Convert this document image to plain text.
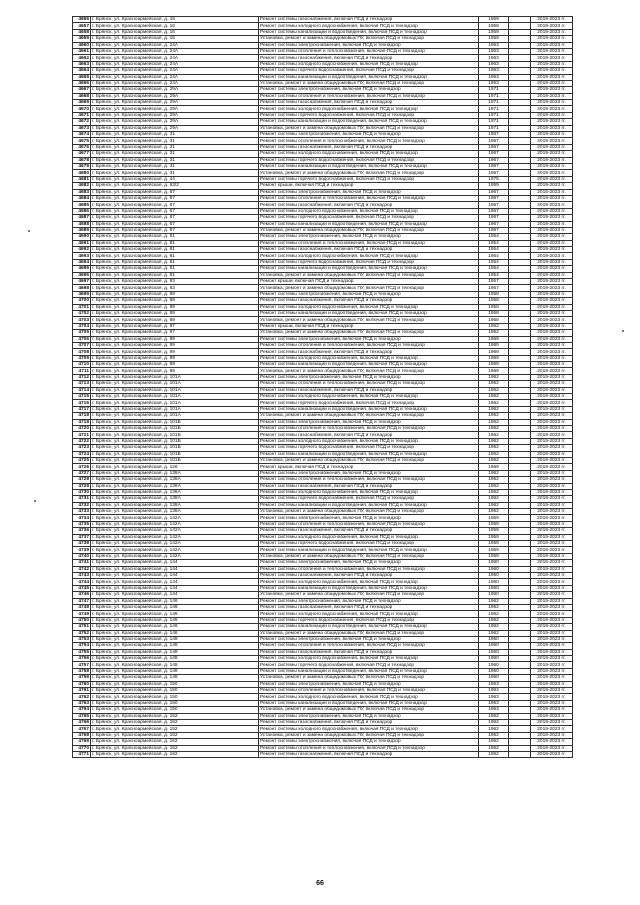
4656	г. Брянск, ул. Красноармейская, д. 16	Ремонт системы газоснабжения, включая ПСД и технадзор	1959		2019-2023 гг.
4657	г. Брянск, ул. Красноармейская, д. 16	Ремонт системы холодного водоснабжения, включая ПСД и технадзор	1959		2019-2023 гг.
4658	г. Брянск, ул. Красноармейская, д. 16	Ремонт системы канализации и водоотведения, включая ПСД и технадзор	1959		2019-2023 гг.
4659	г. Брянск, ул. Красноармейская, д. 16	Установка, ремонт и замена общедомовых ПУ, включая ПСД и технадзор	1959		2019-2023 гг.
4660	г. Брянск, ул. Красноармейская, д. 24А	Ремонт системы электроснабжения, включая ПСД и технадзор	1963		2015-2023 гг.
4661	г. Брянск, ул. Красноармейская, д. 24А	Ремонт системы отопления и теплоснабжения, включая ПСД и технадзор	1963		2019-2023 гг.
4662	г. Брянск, ул. Красноармейская, д. 24А	Ремонт системы газоснабжения, включая ПСД и технадзор	1963		2019-2023 гг.
4663	г. Брянск, ул. Красноармейская, д. 24А	Ремонт системы холодного водоснабжения, включая ПСД и технадзор	1963		2019-2023 гг.
4664	г. Брянск, ул. Красноармейская, д. 24А	Ремонт системы горячего водоснабжения, включая ПСД и технадзор	1963		2019-2023 гг.
4665	г. Брянск, ул. Красноармейская, д. 24А	Ремонт системы канализации и водоотведения, включая ПСД и технадзор	1963		2019-2023 гг.
4666	г. Брянск, ул. Красноармейская, д. 24А	Установка, ремонт и замена общедомовых ПУ, включая ПСД и технадзор	1963		2019-2023 гг.
4667	г. Брянск, ул. Красноармейская, д. 29А	Ремонт системы электроснабжения, включая ПСД и технадзор	1971		2019-2023 гг.
4668	г. Брянск, ул. Красноармейская, д. 29А	Ремонт системы отопления и теплоснабжения, включая ПСД и технадзор	1971		2019-2023 гг.
4669	г. Брянск, ул. Красноармейская, д. 29А	Ремонт системы газоснабжения, включая ПСД и технадзор	1971		2019-2023 гг.
4670	г. Брянск, ул. Красноармейская, д. 29А	Ремонт системы холодного водоснабжения, включая ПСД и технадзор	1971		2019-2023 гг.
4671	г. Брянск, ул. Красноармейская, д. 29А	Ремонт системы горячего водоснабжения, включая ПСД и технадзор	1971		2019-2023 гг.
4672	г. Брянск, ул. Красноармейская, д. 29А	Ремонт системы канализации и водоотведения, включая ПСД и технадзор	1971		2019-2023 гг.
4673	г. Брянск, ул. Красноармейская, д. 29А	Установка, ремонт и замена общедомовых ПУ, включая ПСД и технадзор	1971		2019-2023 гг.
4674	г. Брянск, ул. Красноармейская, д. 31	Ремонт системы электроснабжения, включая ПСД и технадзор	1967		2019-2023 гг.
4675	г. Брянск, ул. Красноармейская, д. 31	Ремонт системы отопления и теплоснабжения, включая ПСД и технадзор	1967		2019-2023 гг.
4676	г. Брянск, ул. Красноармейская, д. 31	Ремонт системы газоснабжения, включая ПСД и технадзор	1967		2019-2023 гг.
4677	г. Брянск, ул. Красноармейская, д. 31	Ремонт системы холодного водоснабжения, включая ПСД и технадзор	1967		2019-2023 гг.
4678	г. Брянск, ул. Красноармейская, д. 31	Ремонт системы горячего водоснабжения, включая ПСД и технадзор	1967		2019-2023 гг.
4679	г. Брянск, ул. Красноармейская, д. 31	Ремонт системы канализации и водоотведения, включая ПСД и технадзор	1967		2019-2023 гг.
4680	г. Брянск, ул. Красноармейская, д. 31	Установка, ремонт и замена общедомовых ПУ, включая ПСД и технадзор	1967		2019-2023 гг.
4681	г. Брянск, ул. Красноармейская, д. 44	Ремонт системы горячего водоснабжения, включая ПСД и технадзор	1975		2019-2023 гг.
4682	г. Брянск, ул. Красноармейская, д. 63/2	Ремонт крыши, включая ПСД и технадзор	1959		2019-2023 гг.
4683	г. Брянск, ул. Красноармейская, д. 67	Ремонт системы электроснабжения, включая ПСД и технадзор	1967		2015-2023 гг.
4684	г. Брянск, ул. Красноармейская, д. 67	Ремонт системы отопления и теплоснабжения, включая ПСД и технадзор	1967		2019-2023 гг.
4685	г. Брянск, ул. Красноармейская, д. 67	Ремонт системы газоснабжения, включая ПСД и технадзор	1967		2019-2023 гг.
4686	г. Брянск, ул. Красноармейская, д. 67	Ремонт системы холодного водоснабжения, включая ПСД и технадзор	1967		2019-2023 гг.
4687	г. Брянск, ул. Красноармейская, д. 67	Ремонт системы горячего водоснабжения, включая ПСД и технадзор	1967		2019-2023 гг.
4688	г. Брянск, ул. Красноармейская, д. 67	Ремонт системы канализации и водоотведения, включая ПСД и технадзор	1967		2019-2023 гг.
4689	г. Брянск, ул. Красноармейская, д. 67	Установка, ремонт и замена общедомовых ПУ, включая ПСД и технадзор	1967		2019-2023 гг.
4690	г. Брянск, ул. Красноармейская, д. 81	Ремонт системы электроснабжения, включая ПСД и технадзор	1954		2019-2023 гг.
4691	г. Брянск, ул. Красноармейская, д. 81	Ремонт системы отопления и теплоснабжения, включая ПСД и технадзор	1954		2019-2023 гг.
4692	г. Брянск, ул. Красноармейская, д. 81	Ремонт системы газоснабжения, включая ПСД и технадзор	1954		2019-2023 гг.
4693	г. Брянск, ул. Красноармейская, д. 81	Ремонт системы холодного водоснабжения, включая ПСД и технадзор	1954		2019-2023 гг.
4694	г. Брянск, ул. Красноармейская, д. 81	Ремонт системы горячего водоснабжения, включая ПСД и технадзор	1954		2019-2023 гг.
4695	г. Брянск, ул. Красноармейская, д. 81	Ремонт системы канализации и водоотведения, включая ПСД и технадзор	1954		2019-2023 гг.
4696	г. Брянск, ул. Красноармейская, д. 81	Установка, ремонт и замена общедомовых ПУ, включая ПСД и технадзор	1954		2019-2023 гг.
4697	г. Брянск, ул. Красноармейская, д. 83	Ремонт крыши, включая ПСД и технадзор	1957		2019-2023 гг.
4698	г. Брянск, ул. Красноармейская, д. 83	Установка, ремонт и замена общедомовых ПУ, включая ПСД и технадзор	1957		2019-2023 гг.
4699	г. Брянск, ул. Красноармейская, д. 89	Ремонт системы электроснабжения, включая ПСД и технадзор	1958		2019-2023 гг.
4700	г. Брянск, ул. Красноармейская, д. 89	Ремонт системы газоснабжения, включая ПСД и технадзор	1958		2019-2023 гг.
4701	г. Брянск, ул. Красноармейская, д. 89	Ремонт системы холодного водоснабжения, включая ПСД и технадзор	1958		2019-2023 гг.
4702	г. Брянск, ул. Красноармейская, д. 89	Ремонт системы канализации и водоотведения, включая ПСД и технадзор	1958		2019-2023 гг.
4703	г. Брянск, ул. Красноармейская, д. 89	Установка, ремонт и замена общедомовых ПУ, включая ПСД и технадзор	1958		2019-2023 гг.
4704	г. Брянск, ул. Красноармейская, д. 97	Ремонт крыши, включая ПСД и технадзор	1962		2019-2023 гг.
4705	г. Брянск, ул. Красноармейская, д. 97	Установка, ремонт и замена общедомовых ПУ, включая ПСД и технадзор	1962		2019-2023 гг.
4706	г. Брянск, ул. Красноармейская, д. 99	Ремонт системы электроснабжения, включая ПСД и технадзор	1969		2019-2023 гг.
4707	г. Брянск, ул. Красноармейская, д. 99	Ремонт системы отопления и теплоснабжения, включая ПСД и технадзор	1969		2019-2023 гг.
4708	г. Брянск, ул. Красноармейская, д. 99	Ремонт системы газоснабжения, включая ПСД и технадзор	1969		2019-2023 гг.
4709	г. Брянск, ул. Красноармейская, д. 99	Ремонт системы холодного водоснабжения, включая ПСД и технадзор	1969		2019-2023 гг.
4710	г. Брянск, ул. Красноармейская, д. 99	Ремонт системы канализации и водоотведения, включая ПСД и технадзор	1969		2019-2023 гг.
4711	г. Брянск, ул. Красноармейская, д. 99	Установка, ремонт и замена общедомовых ПУ, включая ПСД и технадзор	1969		2019-2023 гг.
4712	г. Брянск, ул. Красноармейская, д. 101А	Ремонт системы электроснабжения, включая ПСД и технадзор	1962		2019-2023 гг.
4713	г. Брянск, ул. Красноармейская, д. 101А	Ремонт системы отопления и теплоснабжения, включая ПСД и технадзор	1962		2019-2023 гг.
4714	г. Брянск, ул. Красноармейская, д. 101А	Ремонт системы газоснабжения, включая ПСД и технадзор	1962		2019-2023 гг.
4715	г. Брянск, ул. Красноармейская, д. 101А	Ремонт системы холодного водоснабжения, включая ПСД и технадзор	1962		2019-2023 гг.
4716	г. Брянск, ул. Красноармейская, д. 101А	Ремонт системы горячего водоснабжения, включая ПСД и технадзор	1962		2019-2023 гг.
4717	г. Брянск, ул. Красноармейская, д. 101А	Ремонт системы канализации и водоотведения, включая ПСД и технадзор	1962		2019-2023 гг.
4718	г. Брянск, ул. Красноармейская, д. 101А	Установка, ремонт и замена общедомовых ПУ, включая ПСД и технадзор	1962		2019-2023 гг.
4719	г. Брянск, ул. Красноармейская, д. 101Б	Ремонт системы электроснабжения, включая ПСД и технадзор	1962		2019-2023 гг.
4720	г. Брянск, ул. Красноармейская, д. 101Б	Ремонт системы отопления и теплоснабжения, включая ПСД и технадзор	1962		2019-2023 гг.
4721	г. Брянск, ул. Красноармейская, д. 101Б	Ремонт системы газоснабжения, включая ПСД и технадзор	1962		2019-2023 гг.
4722	г. Брянск, ул. Красноармейская, д. 101Б	Ремонт системы холодного водоснабжения, включая ПСД и технадзор	1962		2019-2023 гг.
4723	г. Брянск, ул. Красноармейская, д. 101Б	Ремонт системы горячего водоснабжения, включая ПСД и технадзор	1962		2019-2023 гг.
4724	г. Брянск, ул. Красноармейская, д. 101Б	Ремонт системы канализации и водоотведения, включая ПСД и технадзор	1962		2019-2023 гг.
4725	г. Брянск, ул. Красноармейская, д. 101Б	Установка, ремонт и замена общедомовых ПУ, включая ПСД и технадзор	1962		2019-2023 гг.
4726	г. Брянск, ул. Красноармейская, д. 126	Ремонт крыши, включая ПСД и технадзор	1969		2019-2023 гг.
4727	г. Брянск, ул. Красноармейская, д. 138А	Ремонт системы электроснабжения, включая ПСД и технадзор	1962		2019-2023 гг.
4728	г. Брянск, ул. Красноармейская, д. 138А	Ремонт системы отопления и теплоснабжения, включая ПСД и технадзор	1962		2019-2023 гг.
4729	г. Брянск, ул. Красноармейская, д. 138А	Ремонт системы газоснабжения, включая ПСД и технадзор	1962		2019-2023 гг.
4730	г. Брянск, ул. Красноармейская, д. 138А	Ремонт системы холодного водоснабжения, включая ПСД и технадзор	1962		2019-2023 гг.
4731	г. Брянск, ул. Красноармейская, д. 138А	Ремонт системы горячего водоснабжения, включая ПСД и технадзор	1962		2019-2023 гг.
4732	г. Брянск, ул. Красноармейская, д. 138А	Ремонт системы канализации и водоотведения, включая ПСД и технадзор	1962		2019-2023 гг.
4733	г. Брянск, ул. Красноармейская, д. 138А	Установка, ремонт и замена общедомовых ПУ, включая ПСД и технадзор	1962		2019-2023 гг.
4734	г. Брянск, ул. Красноармейская, д. 142А	Ремонт системы электроснабжения, включая ПСД и технадзор	1959		2019-2023 гг.
4735	г. Брянск, ул. Красноармейская, д. 142А	Ремонт системы отопления и теплоснабжения, включая ПСД и технадзор	1959		2019-2023 гг.
4736	г. Брянск, ул. Красноармейская, д. 142А	Ремонт системы газоснабжения, включая ПСД и технадзор	1959		2019-2023 гг.
4737	г. Брянск, ул. Красноармейская, д. 142А	Ремонт системы холодного водоснабжения, включая ПСД и технадзор	1959		2019-2023 гг.
4738	г. Брянск, ул. Красноармейская, д. 142А	Ремонт системы горячего водоснабжения, включая ПСД и технадзор	1959		2019-2023 гг.
4739	г. Брянск, ул. Красноармейская, д. 142А	Ремонт системы канализации и водоотведения, включая ПСД и технадзор	1959		2019-2023 гг.
4740	г. Брянск, ул. Красноармейская, д. 142А	Установка, ремонт и замена общедомовых ПУ, включая ПСД и технадзор	1959		2019-2023 гг.
4741	г. Брянск, ул. Красноармейская, д. 144	Ремонт системы электроснабжения, включая ПСД и технадзор	1960		2015-2023 гг.
4742	г. Брянск, ул. Красноармейская, д. 144	Ремонт системы отопления и теплоснабжения, включая ПСД и технадзор	1960		2019-2023 гг.
4743	г. Брянск, ул. Красноармейская, д. 144	Ремонт системы газоснабжения, включая ПСД и технадзор	1960		2019-2023 гг.
4744	г. Брянск, ул. Красноармейская, д. 144	Ремонт системы холодного водоснабжения, включая ПСД и технадзор	1960		2019-2023 гг.
4745	г. Брянск, ул. Красноармейская, д. 144	Ремонт системы канализации и водоотведения, включая ПСД и технадзор	1960		2015-2023 гг.
4746	г. Брянск, ул. Красноармейская, д. 144	Установка, ремонт и замена общедомовых ПУ, включая ПСД и технадзор	1960		2019-2023 гг.
4747	г. Брянск, ул. Красноармейская, д. 146	Ремонт системы электроснабжения, включая ПСД и технадзор	1962		2019-2023 гг.
4748	г. Брянск, ул. Красноармейская, д. 146	Ремонт системы газоснабжения, включая ПСД и технадзор	1962		2019-2023 гг.
4749	г. Брянск, ул. Красноармейская, д. 146	Ремонт системы холодного водоснабжения, включая ПСД и технадзор	1962		2019-2023 гг.
4750	г. Брянск, ул. Красноармейская, д. 146	Ремонт системы горячего водоснабжения, включая ПСД и технадзор	1962		2019-2023 гг.
4751	г. Брянск, ул. Красноармейская, д. 146	Ремонт системы канализации и водоотведения, включая ПСД и технадзор	1962		2019-2023 гг.
4752	г. Брянск, ул. Красноармейская, д. 146	Установка, ремонт и замена общедомовых ПУ, включая ПСД и технадзор	1962		2019-2023 гг.
4753	г. Брянск, ул. Красноармейская, д. 148	Ремонт системы электроснабжения, включая ПСД и технадзор	1960		2019-2023 гг.
4754	г. Брянск, ул. Красноармейская, д. 148	Ремонт системы отопления и теплоснабжения, включая ПСД и технадзор	1960		2019-2023 гг.
4755	г. Брянск, ул. Красноармейская, д. 148	Ремонт системы газоснабжения, включая ПСД и технадзор	1960		2019-2023 гг.
4756	г. Брянск, ул. Красноармейская, д. 148	Ремонт системы холодного водоснабжения, включая ПСД и технадзор	1960		2019-2023 гг.
4757	г. Брянск, ул. Красноармейская, д. 148	Ремонт системы горячего водоснабжения, включая ПСД и технадзор	1960		2019-2023 гг.
4758	г. Брянск, ул. Красноармейская, д. 148	Ремонт системы канализации и водоотведения, включая ПСД и технадзор	1960		2019-2023 гг.
4759	г. Брянск, ул. Красноармейская, д. 148	Установка, ремонт и замена общедомовых ПУ, включая ПСД и технадзор	1960		2019-2023 гг.
4760	г. Брянск, ул. Красноармейская, д. 150	Ремонт системы электроснабжения, включая ПСД и технадзор	1963		2019-2023 гг.
4761	г. Брянск, ул. Красноармейская, д. 150	Ремонт системы отопления и теплоснабжения, включая ПСД и технадзор	1963		2019-2023 гг.
4762	г. Брянск, ул. Красноармейская, д. 150	Ремонт системы холодного водоснабжения, включая ПСД и технадзор	1963		2019-2023 гг.
4763	г. Брянск, ул. Красноармейская, д. 150	Ремонт системы канализации и водоотведения, включая ПСД и технадзор	1963		2019-2023 гг.
4764	г. Брянск, ул. Красноармейская, д. 150	Установка, ремонт и замена общедомовых ПУ, включая ПСД и технадзор	1963		2019-2023 гг.
4765	г. Брянск, ул. Красноармейская, д. 152	Ремонт системы электроснабжения, включая ПСД и технадзор	1962		2019-2023 гг.
4766	г. Брянск, ул. Красноармейская, д. 152	Ремонт системы газоснабжения, включая ПСД и технадзор	1962		2019-2023 гг.
4767	г. Брянск, ул. Красноармейская, д. 152	Ремонт системы холодного водоснабжения, включая ПСД и технадзор	1962		2019-2023 гг.
4768	г. Брянск, ул. Красноармейская, д. 152	Установка, ремонт и замена общедомовых ПУ, включая ПСД и технадзор	1962		2019-2023 гг.
4769	г. Брянск, ул. Красноармейская, д. 162	Ремонт системы электроснабжения, включая ПСД и технадзор	1962		2019-2023 гг.
4770	г. Брянск, ул. Красноармейская, д. 162	Ремонт системы отопления и теплоснабжения, включая ПСД и технадзор	1962		2019-2023 гг.
4771	г. Брянск, ул. Красноармейская, д. 162	Ремонт системы газоснабжения, включая ПСД и технадзор	1962		2019-2023 гг.
66
